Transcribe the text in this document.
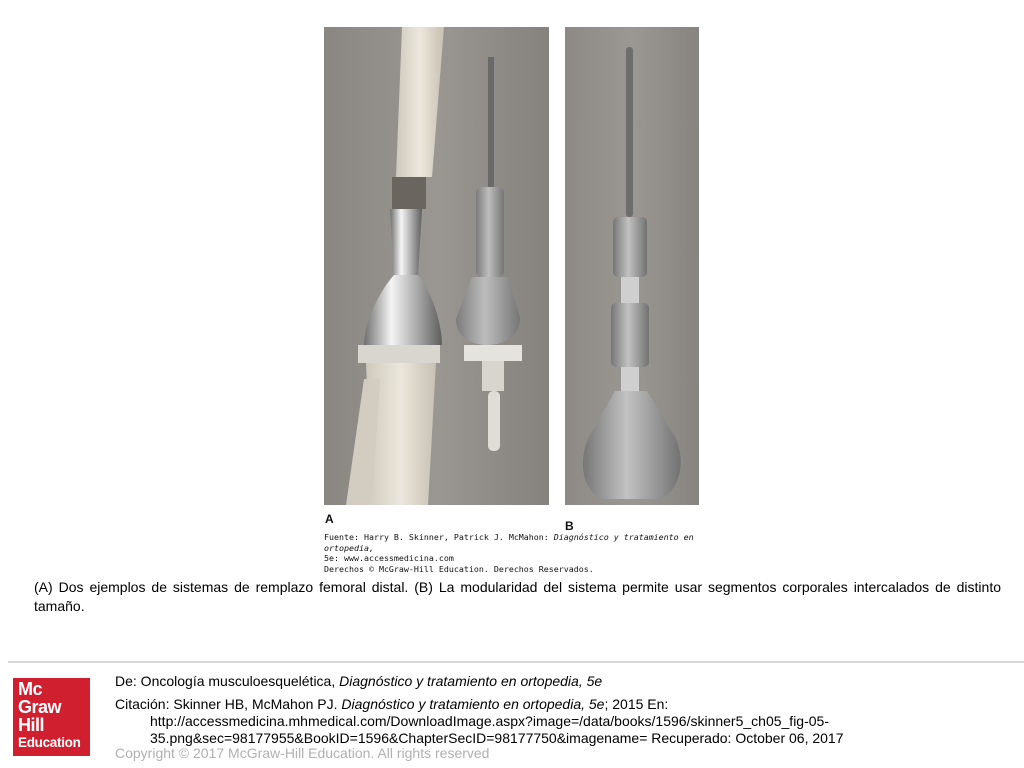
A	B
Fuente: Harry B. Skinner, Patrick J. McMahon: Diagnóstico y tratamiento en ortopedia,
5e: www.accessmedicina.com
Derechos © McGraw-Hill Education. Derechos Reservados.
(A) Dos ejemplos de sistemas de remplazo femoral distal. (B) La modularidad del sistema permite usar segmentos corporales intercalados de distinto tamaño.
Mc
Graw
Hill
Education
De: Oncología musculoesquelética, Diagnóstico y tratamiento en ortopedia, 5e
Citación: Skinner HB, McMahon PJ. Diagnóstico y tratamiento en ortopedia, 5e; 2015 En: http://accessmedicina.mhmedical.com/DownloadImage.aspx?image=/data/books/1596/skinner5_ch05_fig-05-35.png&sec=98177955&BookID=1596&ChapterSecID=98177750&imagename= Recuperado: October 06, 2017
Copyright © 2017 McGraw-Hill Education. All rights reserved
